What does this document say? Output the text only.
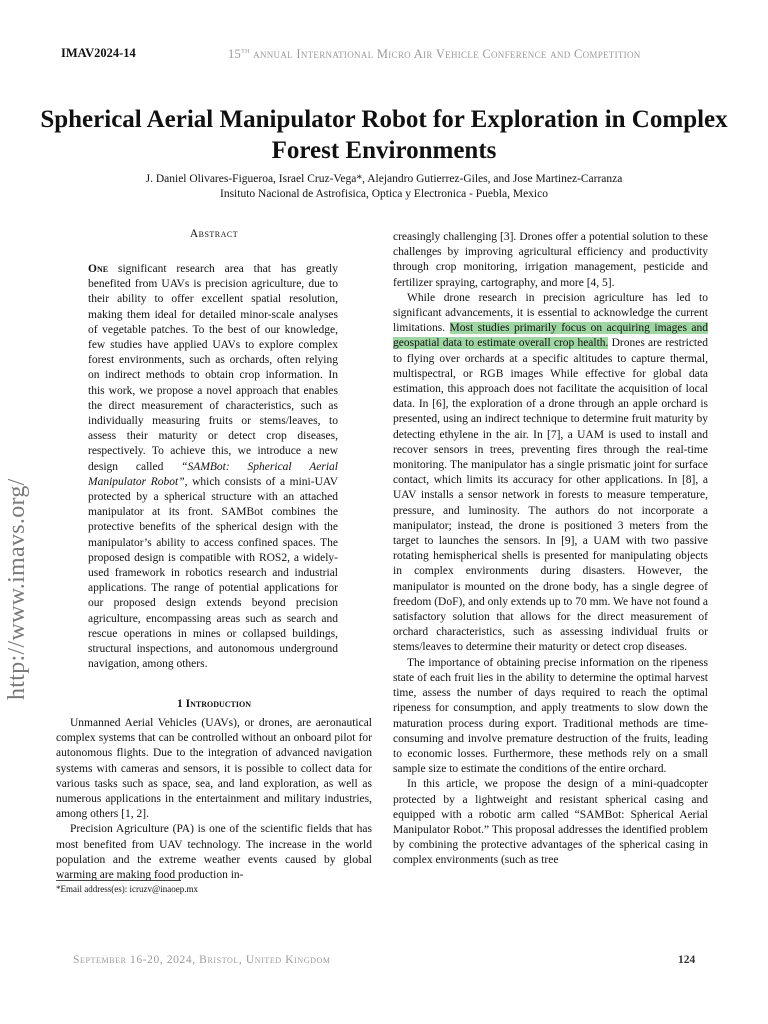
IMAV2024-14	15th annual International Micro Air Vehicle Conference and Competition
http://www.imavs.org/
Spherical Aerial Manipulator Robot for Exploration in Complex Forest Environments
J. Daniel Olivares-Figueroa, Israel Cruz-Vega*, Alejandro Gutierrez-Giles, and Jose Martinez-Carranza
Insituto Nacional de Astrofisica, Optica y Electronica - Puebla, Mexico
Abstract
One significant research area that has greatly benefited from UAVs is precision agriculture, due to their ability to offer excellent spatial resolution, making them ideal for detailed minor-scale analyses of vegetable patches. To the best of our knowledge, few studies have applied UAVs to explore complex forest environments, such as orchards, often relying on indirect methods to obtain crop information. In this work, we propose a novel approach that enables the direct measurement of characteristics, such as individually measuring fruits or stems/leaves, to assess their maturity or detect crop diseases, respectively. To achieve this, we introduce a new design called “SAMBot: Spherical Aerial Manipulator Robot”, which consists of a mini-UAV protected by a spherical structure with an attached manipulator at its front. SAMBot combines the protective benefits of the spherical design with the manipulator’s ability to access confined spaces. The proposed design is compatible with ROS2, a widely-used framework in robotics research and industrial applications. The range of potential applications for our proposed design extends beyond precision agriculture, encompassing areas such as search and rescue operations in mines or collapsed buildings, structural inspections, and autonomous underground navigation, among others.
1 Introduction

Unmanned Aerial Vehicles (UAVs), or drones, are aeronautical complex systems that can be controlled without an onboard pilot for autonomous flights. Due to the integration of advanced navigation systems with cameras and sensors, it is possible to collect data for various tasks such as space, sea, and land exploration, as well as numerous applications in the entertainment and military industries, among others [1, 2].

Precision Agriculture (PA) is one of the scientific fields that has most benefited from UAV technology. The increase in the world population and the extreme weather events caused by global warming are making food production in-

creasingly challenging [3]. Drones offer a potential solution to these challenges by improving agricultural efficiency and productivity through crop monitoring, irrigation management, pesticide and fertilizer spraying, cartography, and more [4, 5].

While drone research in precision agriculture has led to significant advancements, it is essential to acknowledge the current limitations. Most studies primarily focus on acquiring images and geospatial data to estimate overall crop health. Drones are restricted to flying over orchards at a specific altitudes to capture thermal, multispectral, or RGB images While effective for global data estimation, this approach does not facilitate the acquisition of local data. In [6], the exploration of a drone through an apple orchard is presented, using an indirect technique to determine fruit maturity by detecting ethylene in the air. In [7], a UAM is used to install and recover sensors in trees, preventing fires through the real-time monitoring. The manipulator has a single prismatic joint for surface contact, which limits its accuracy for other applications. In [8], a UAV installs a sensor network in forests to measure temperature, pressure, and luminosity. The authors do not incorporate a manipulator; instead, the drone is positioned 3 meters from the target to launches the sensors. In [9], a UAM with two passive rotating hemispherical shells is presented for manipulating objects in complex environments during disasters. However, the manipulator is mounted on the drone body, has a single degree of freedom (DoF), and only extends up to 70 mm. We have not found a satisfactory solution that allows for the direct measurement of orchard characteristics, such as assessing individual fruits or stems/leaves to determine their maturity or detect crop diseases.

The importance of obtaining precise information on the ripeness state of each fruit lies in the ability to determine the optimal harvest time, assess the number of days required to reach the optimal ripeness for consumption, and apply treatments to slow down the maturation process during export. Traditional methods are time-consuming and involve premature destruction of the fruits, leading to economic losses. Furthermore, these methods rely on a small sample size to estimate the conditions of the entire orchard.

In this article, we propose the design of a mini-quadcopter protected by a lightweight and resistant spherical casing and equipped with a robotic arm called “SAMBot: Spherical Aerial Manipulator Robot.” This proposal addresses the identified problem by combining the protective advantages of the spherical casing in complex environments (such as tree

*Email address(es): icruzv@inaoep.mx
September 16-20, 2024, Bristol, United Kingdom	124
